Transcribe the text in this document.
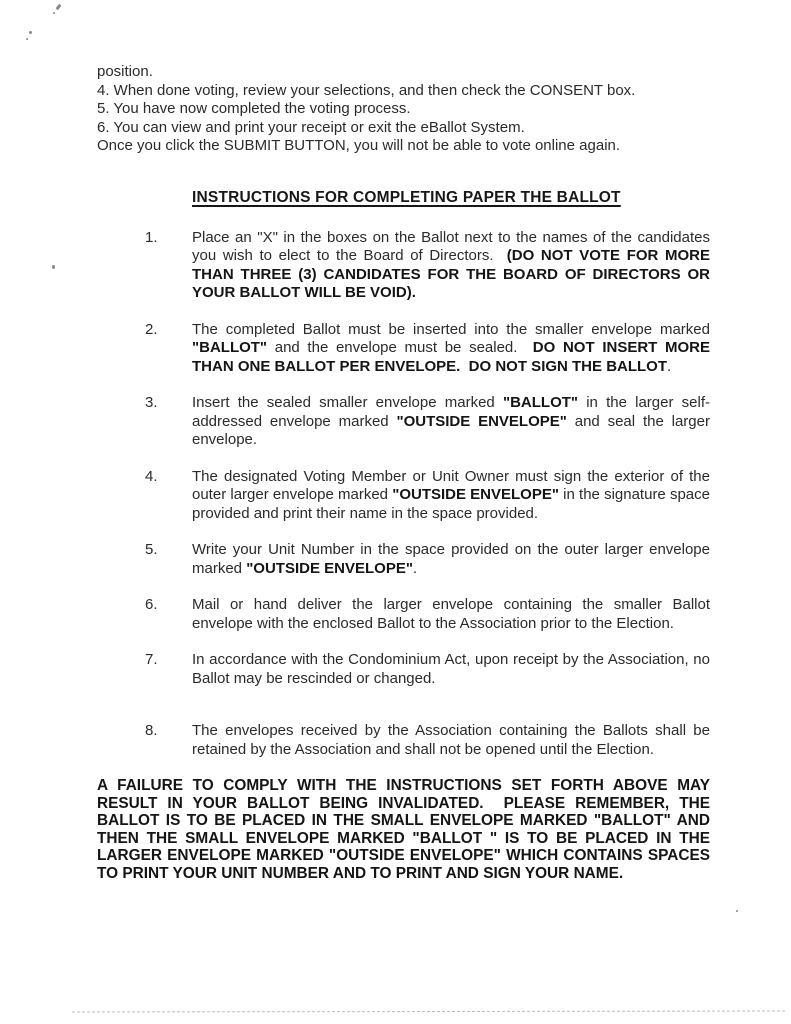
position.
4. When done voting, review your selections, and then check the CONSENT box.
5. You have now completed the voting process.
6. You can view and print your receipt or exit the eBallot System.
Once you click the SUBMIT BUTTON, you will not be able to vote online again.
INSTRUCTIONS FOR COMPLETING PAPER THE BALLOT
1.	Place an "X" in the boxes on the Ballot next to the names of the candidates you wish to elect to the Board of Directors.  (DO NOT VOTE FOR MORE THAN THREE (3) CANDIDATES FOR THE BOARD OF DIRECTORS OR YOUR BALLOT WILL BE VOID).
2.	The completed Ballot must be inserted into the smaller envelope marked "BALLOT" and the envelope must be sealed.  DO NOT INSERT MORE THAN ONE BALLOT PER ENVELOPE.  DO NOT SIGN THE BALLOT.
3.	Insert the sealed smaller envelope marked "BALLOT" in the larger self-addressed envelope marked "OUTSIDE ENVELOPE" and seal the larger envelope.
4.	The designated Voting Member or Unit Owner must sign the exterior of the outer larger envelope marked "OUTSIDE ENVELOPE" in the signature space provided and print their name in the space provided.
5.	Write your Unit Number in the space provided on the outer larger envelope marked "OUTSIDE ENVELOPE".
6.	Mail or hand deliver the larger envelope containing the smaller Ballot envelope with the enclosed Ballot to the Association prior to the Election.
7.	In accordance with the Condominium Act, upon receipt by the Association, no Ballot may be rescinded or changed.
8.	The envelopes received by the Association containing the Ballots shall be retained by the Association and shall not be opened until the Election.

A FAILURE TO COMPLY WITH THE INSTRUCTIONS SET FORTH ABOVE MAY RESULT IN YOUR BALLOT BEING INVALIDATED.  PLEASE REMEMBER, THE BALLOT IS TO BE PLACED IN THE SMALL ENVELOPE MARKED "BALLOT" AND THEN THE SMALL ENVELOPE MARKED "BALLOT " IS TO BE PLACED IN THE LARGER ENVELOPE MARKED "OUTSIDE ENVELOPE" WHICH CONTAINS SPACES TO PRINT YOUR UNIT NUMBER AND TO PRINT AND SIGN YOUR NAME.
